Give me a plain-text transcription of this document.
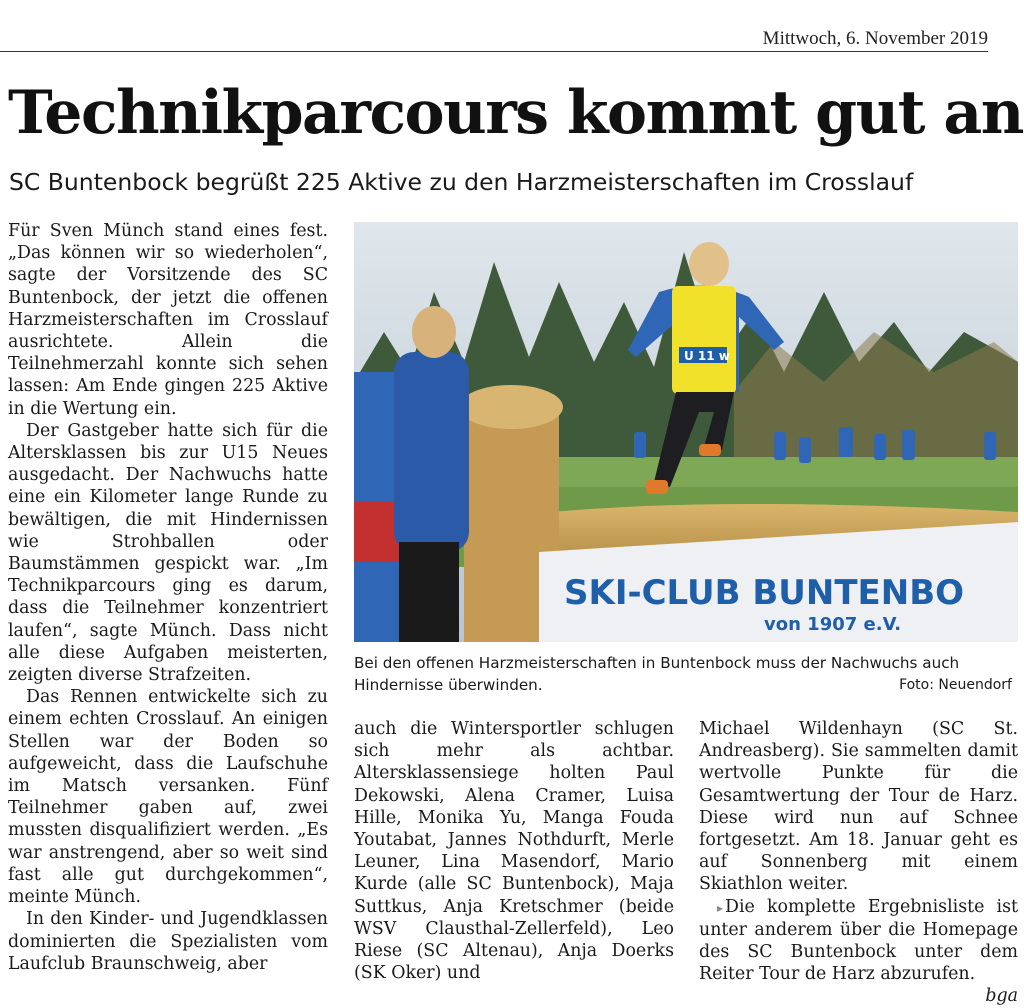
Mittwoch, 6. November 2019
Technikparcours kommt gut an
SC Buntenbock begrüßt 225 Aktive zu den Harzmeisterschaften im Crosslauf

Für Sven Münch stand eines fest. „Das können wir so wiederholen“, sagte der Vorsitzende des SC Buntenbock, der jetzt die offenen Harzmeisterschaften im Crosslauf ausrichtete. Allein die Teilnehmerzahl konnte sich sehen lassen: Am Ende gingen 225 Aktive in die Wertung ein.

Der Gastgeber hatte sich für die Altersklassen bis zur U15 Neues ausgedacht. Der Nachwuchs hatte eine ein Kilometer lange Runde zu bewältigen, die mit Hindernissen wie Strohballen oder Baumstämmen gespickt war. „Im Technikparcours ging es darum, dass die Teilnehmer konzentriert laufen“, sagte Münch. Dass nicht alle diese Aufgaben meisterten, zeigten diverse Strafzeiten.

Das Rennen entwickelte sich zu einem echten Crosslauf. An einigen Stellen war der Boden so aufgeweicht, dass die Laufschuhe im Matsch versanken. Fünf Teilnehmer gaben auf, zwei mussten disqualifiziert werden. „Es war anstrengend, aber so weit sind fast alle gut durchgekommen“, meinte Münch.

In den Kinder- und Jugendklassen dominierten die Spezialisten vom Laufclub Braunschweig, aber

SKI-CLUB BUNTENBO
von 1907 e.V.
U 11 w
Bei den offenen Harzmeisterschaften in Buntenbock muss der Nachwuchs auch Hindernisse überwinden.	Foto: Neuendorf

auch die Wintersportler schlugen sich mehr als achtbar. Altersklassensiege holten Paul Dekowski, Alena Cramer, Luisa Hille, Monika Yu, Manga Fouda Youtabat, Jannes Nothdurft, Merle Leuner, Lina Masendorf, Mario Kurde (alle SC Buntenbock), Maja Suttkus, Anja Kretschmer (beide WSV Clausthal-Zellerfeld), Leo Riese (SC Altenau), Anja Doerks (SK Oker) und

Michael Wildenhayn (SC St. Andreasberg). Sie sammelten damit wertvolle Punkte für die Gesamtwertung der Tour de Harz. Diese wird nun auf Schnee fortgesetzt. Am 18. Januar geht es auf Sonnenberg mit einem Skiathlon weiter.

▸ Die komplette Ergebnisliste ist unter anderem über die Homepage des SC Buntenbock unter dem Reiter Tour de Harz abzurufen.
bga
